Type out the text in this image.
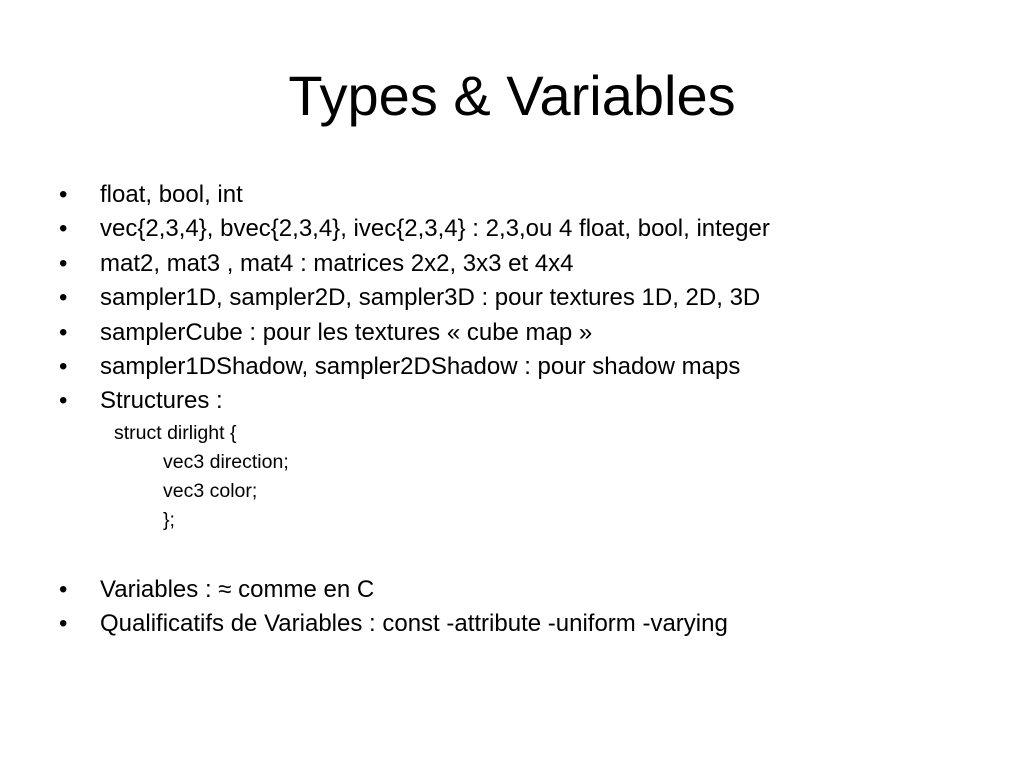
Types & Variables
• float, bool, int
• vec{2,3,4}, bvec{2,3,4}, ivec{2,3,4} : 2,3,ou 4 float, bool, integer
• mat2, mat3 , mat4 : matrices 2x2, 3x3 et 4x4
• sampler1D, sampler2D, sampler3D : pour textures 1D, 2D, 3D
• samplerCube : pour les textures « cube map »
• sampler1DShadow, sampler2DShadow : pour shadow maps
• Structures :
struct dirlight {
vec3 direction;
vec3 color;
};
• Variables : ≈ comme en C
• Qualificatifs de Variables : const -attribute -uniform -varying
